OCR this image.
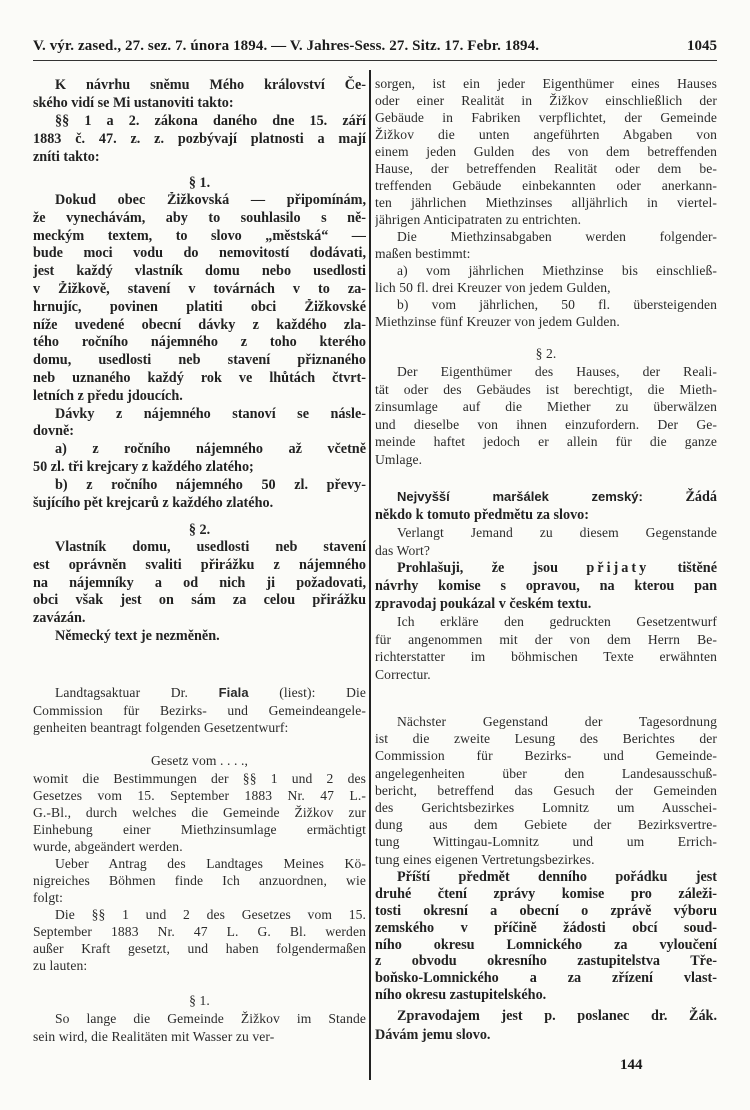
V. výr. zased., 27. sez. 7. února 1894. — V. Jahres-Sess. 27. Sitz. 17. Febr. 1894.	1045
K návrhu sněmu Mého království Če-
ského vidí se Mi ustanoviti takto:
§§ 1 a 2. zákona daného dne 15. září
1883 č. 47. z. z. pozbývají platnosti a mají
zníti takto:
§ 1.
Dokud obec Žižkovská — připomínám,
že vynechávám, aby to souhlasilo s ně-
meckým textem, to slovo „městská“ —
bude moci vodu do nemovitostí dodávati,
jest každý vlastník domu nebo usedlosti
v Žižkově, stavení v továrnách v to za-
hrnujíc, povinen platiti obci Žižkovské
níže uvedené obecní dávky z každého zla-
tého ročního nájemného z toho kterého
domu, usedlosti neb stavení přiznaného
neb uznaného každý rok ve lhůtách čtvrt-
letních z předu jdoucích.
Dávky z nájemného stanoví se násle-
dovně:
a) z ročního nájemného až včetně
50 zl. tři krejcary z každého zlatého;
b) z ročního nájemného 50 zl. převy-
šujícího pět krejcarů z každého zlatého.
§ 2.
Vlastník domu, usedlosti neb stavení
est oprávněn svaliti přirážku z nájemného
na nájemníky a od nich ji požadovati,
obci však jest on sám za celou přirážku
zavázán.
Německý text je nezměněn.
Landtagsaktuar Dr. Fiala (liest): Die
Commission für Bezirks- und Gemeindeangele-
genheiten beantragt folgenden Gesetzentwurf:
Gesetz vom . . . .,
womit die Bestimmungen der §§ 1 und 2 des
Gesetzes vom 15. September 1883 Nr. 47 L.-
G.-Bl., durch welches die Gemeinde Žižkov zur
Einhebung einer Miethzinsumlage ermächtigt
wurde, abgeändert werden.
Ueber Antrag des Landtages Meines Kö-
nigreiches Böhmen finde Ich anzuordnen, wie
folgt:
Die §§ 1 und 2 des Gesetzes vom 15.
September 1883 Nr. 47 L. G. Bl. werden
außer Kraft gesetzt, und haben folgendermaßen
zu lauten:
§ 1.
So lange die Gemeinde Žižkov im Stande
sein wird, die Realitäten mit Wasser zu ver-
sorgen, ist ein jeder Eigenthümer eines Hauses
oder einer Realität in Žižkov einschließlich der
Gebäude in Fabriken verpflichtet, der Gemeinde
Žižkov die unten angeführten Abgaben von
einem jeden Gulden des von dem betreffenden
Hause, der betreffenden Realität oder dem be-
treffenden Gebäude einbekannten oder anerkann-
ten jährlichen Miethzinses alljährlich in viertel-
jährigen Anticipatraten zu entrichten.
Die Miethzinsabgaben werden folgender-
maßen bestimmt:
a) vom jährlichen Miethzinse bis einschließ-
lich 50 fl. drei Kreuzer von jedem Gulden,
b) vom jährlichen, 50 fl. übersteigenden
Miethzinse fünf Kreuzer von jedem Gulden.
§ 2.
Der Eigenthümer des Hauses, der Reali-
tät oder des Gebäudes ist berechtigt, die Mieth-
zinsumlage auf die Miether zu überwälzen
und dieselbe von ihnen einzufordern. Der Ge-
meinde haftet jedoch er allein für die ganze
Umlage.
Nejvyšší maršálek zemský: Žádá
někdo k tomuto předmětu za slovo:
Verlangt Jemand zu diesem Gegenstande
das Wort?
Prohlašuji, že jsou přijaty tištěné
návrhy komise s opravou, na kterou pan
zpravodaj poukázal v českém textu.
Ich erkläre den gedruckten Gesetzentwurf
für angenommen mit der von dem Herrn Be-
richterstatter im böhmischen Texte erwähnten
Correctur.
Nächster Gegenstand der Tagesordnung
ist die zweite Lesung des Berichtes der
Commission für Bezirks- und Gemeinde-
angelegenheiten über den Landesausschuß-
bericht, betreffend das Gesuch der Gemeinden
des Gerichtsbezirkes Lomnitz um Ausschei-
dung aus dem Gebiete der Bezirksvertre-
tung Wittingau-Lomnitz und um Errich-
tung eines eigenen Vertretungsbezirkes.
Příští předmět denního pořádku jest
druhé čtení zprávy komise pro záleži-
tosti okresní a obecní o zprávě výboru
zemského v příčině žádosti obcí soud-
ního okresu Lomnického za vyloučení
z obvodu okresního zastupitelstva Tře-
boňsko-Lomnického a za zřízení vlast-
ního okresu zastupitelského.
Zpravodajem jest p. poslanec dr. Žák.
Dávám jemu slovo.
144
